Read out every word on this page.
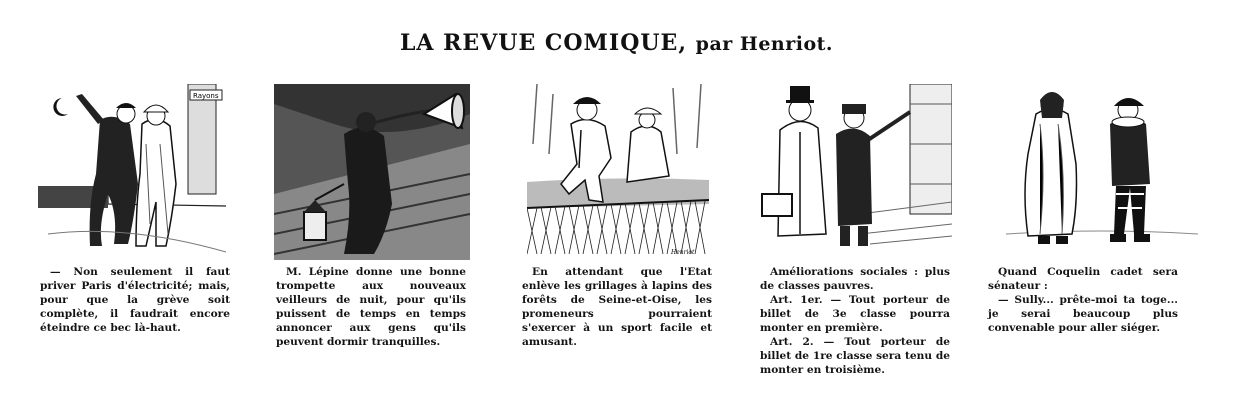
LA REVUE COMIQUE, par Henriot.
Rayons

— Non seulement il faut priver Paris d'électricité; mais, pour que la grève soit complète, il faudrait encore éteindre ce bec là-haut.

M. Lépine donne une bonne trompette aux nouveaux veilleurs de nuit, pour qu'ils puissent de temps en temps annoncer aux gens qu'ils peuvent dormir tranquilles.

Henriot

En attendant que l'Etat enlève les grillages à lapins des forêts de Seine-et-Oise, les promeneurs pourraient s'exercer à un sport facile et amusant.

Améliorations sociales : plus de classes pauvres.

Art. 1er. — Tout porteur de billet de 3e classe pourra monter en première.

Art. 2. — Tout porteur de billet de 1re classe sera tenu de monter en troisième.

Quand Coquelin cadet sera sénateur :

— Sully... prête-moi ta toge... je serai beaucoup plus convenable pour aller siéger.
